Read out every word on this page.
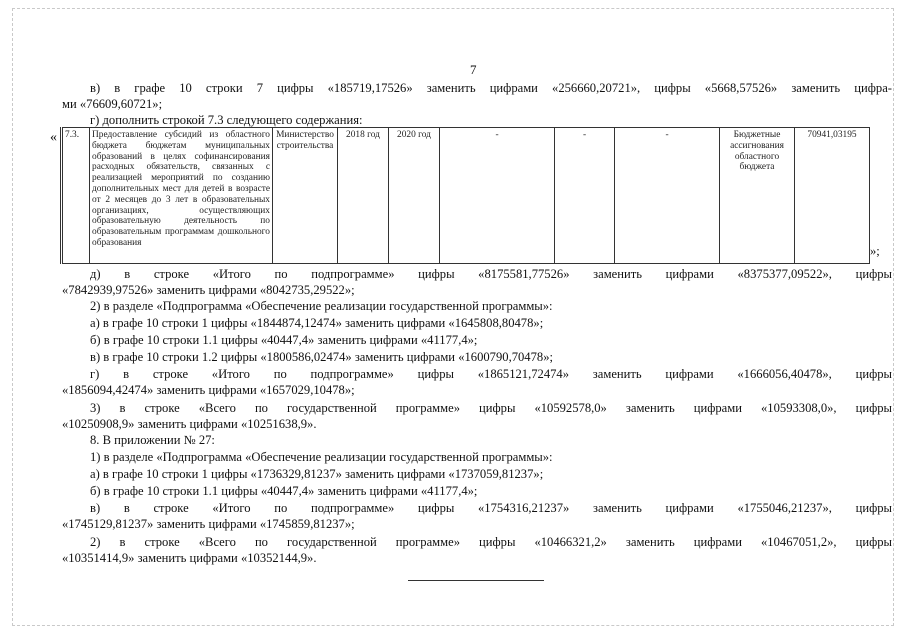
7
в) в графе 10 строки 7 цифры «185719,17526» заменить цифрами «256660,20721», цифры «5668,57526» заменить цифра-
ми «76609,60721»;
г) дополнить строкой 7.3 следующего содержания:
« 7.3.	Предоставление субсидий из областного бюджета бюджетам муниципальных образований в целях софинансирования расходных обязательств, связанных с реализацией мероприятий по созданию дополнительных мест для детей в возрасте от 2 месяцев до 3 лет в образовательных организациях, осуществляющих образовательную деятельность по образовательным программам дошкольного образования	Министерство строительства	2018 год	2020 год	-	-	-	Бюджетные ассигнования областного бюджета	70941,03195
»;
д) в строке «Итого по подпрограмме» цифры «8175581,77526» заменить цифрами «8375377,09522», цифры
«7842939,97526» заменить цифрами «8042735,29522»;
2) в разделе «Подпрограмма «Обеспечение реализации государственной программы»:
а) в графе 10 строки 1 цифры «1844874,12474» заменить цифрами «1645808,80478»;
б) в графе 10 строки 1.1 цифры «40447,4» заменить цифрами «41177,4»;
в) в графе 10 строки 1.2 цифры «1800586,02474» заменить цифрами «1600790,70478»;
г) в строке «Итого по подпрограмме» цифры «1865121,72474» заменить цифрами «1666056,40478», цифры
«1856094,42474» заменить цифрами «1657029,10478»;
3) в строке «Всего по государственной программе» цифры «10592578,0» заменить цифрами «10593308,0», цифры
«10250908,9» заменить цифрами «10251638,9».
8. В приложении № 27:
1) в разделе «Подпрограмма «Обеспечение реализации государственной программы»:
а) в графе 10 строки 1 цифры «1736329,81237» заменить цифрами «1737059,81237»;
б) в графе 10 строки 1.1 цифры «40447,4» заменить цифрами «41177,4»;
в) в строке «Итого по подпрограмме» цифры «1754316,21237» заменить цифрами «1755046,21237», цифры
«1745129,81237» заменить цифрами «1745859,81237»;
2) в строке «Всего по государственной программе» цифры «10466321,2» заменить цифрами «10467051,2», цифры
«10351414,9» заменить цифрами «10352144,9».
